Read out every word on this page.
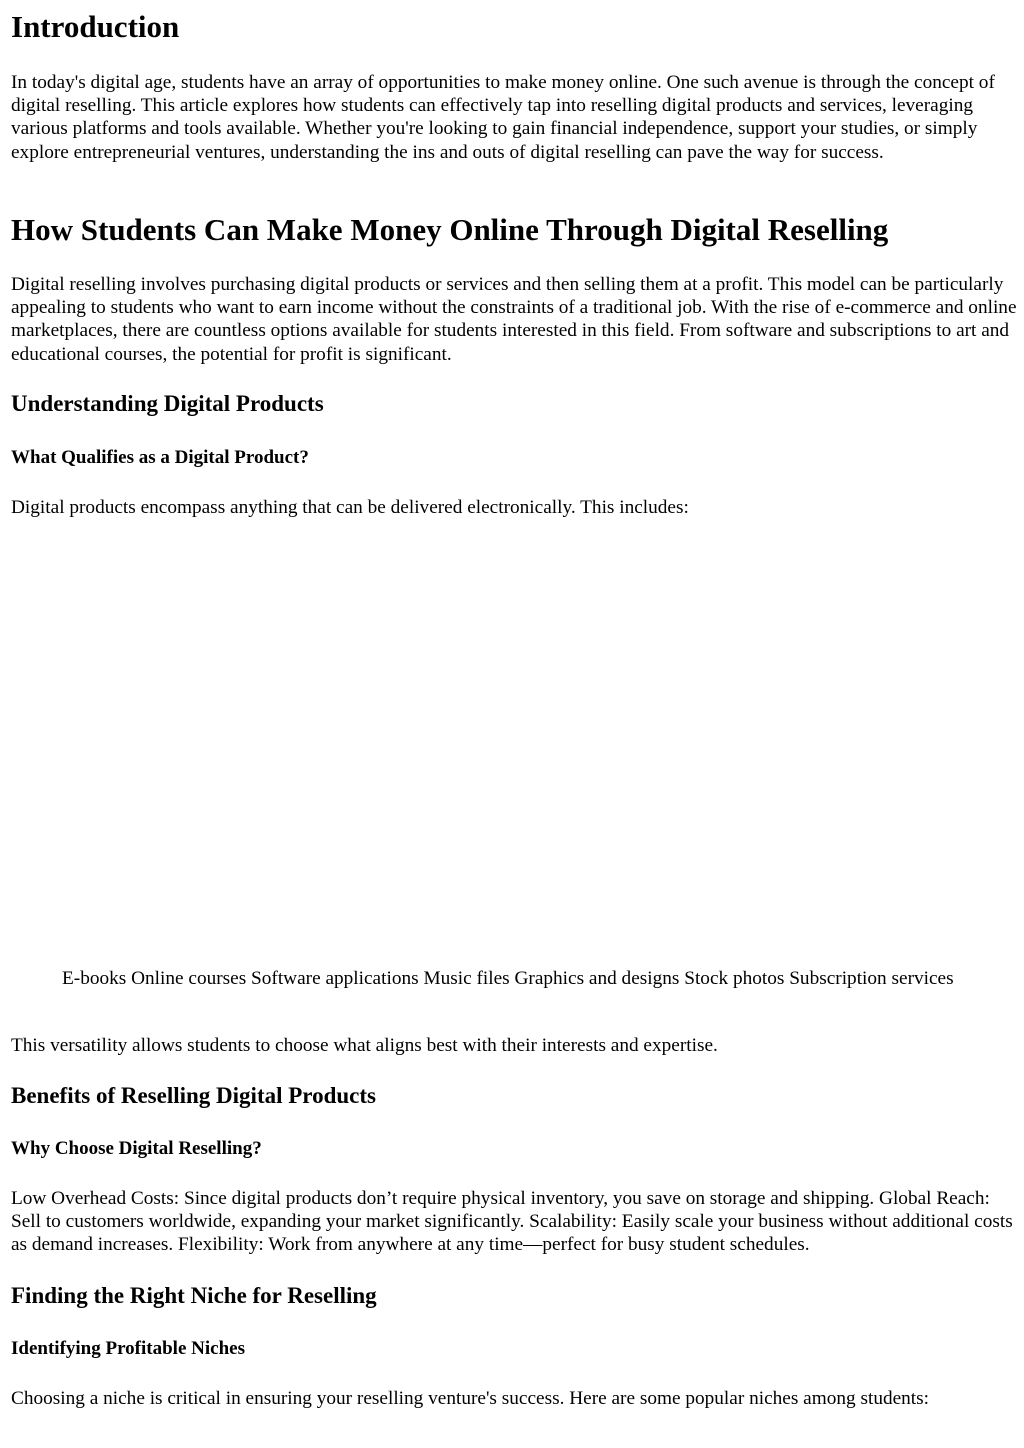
Introduction

In today's digital age, students have an array of opportunities to make money online. One such avenue is through the concept of digital reselling. This article explores how students can effectively tap into reselling digital products and services, leveraging various platforms and tools available. Whether you're looking to gain financial independence, support your studies, or simply explore entrepreneurial ventures, understanding the ins and outs of digital reselling can pave the way for success.

How Students Can Make Money Online Through Digital Reselling

Digital reselling involves purchasing digital products or services and then selling them at a profit. This model can be particularly appealing to students who want to earn income without the constraints of a traditional job. With the rise of e-commerce and online marketplaces, there are countless options available for students interested in this field. From software and subscriptions to art and educational courses, the potential for profit is significant.

Understanding Digital Products
What Qualifies as a Digital Product?

Digital products encompass anything that can be delivered electronically. This includes:

E-books Online courses Software applications Music files Graphics and designs Stock photos Subscription services

This versatility allows students to choose what aligns best with their interests and expertise.

Benefits of Reselling Digital Products
Why Choose Digital Reselling?

Low Overhead Costs: Since digital products don’t require physical inventory, you save on storage and shipping. Global Reach: Sell to customers worldwide, expanding your market significantly. Scalability: Easily scale your business without additional costs as demand increases. Flexibility: Work from anywhere at any time—perfect for busy student schedules.

Finding the Right Niche for Reselling
Identifying Profitable Niches

Choosing a niche is critical in ensuring your reselling venture's success. Here are some popular niches among students:
